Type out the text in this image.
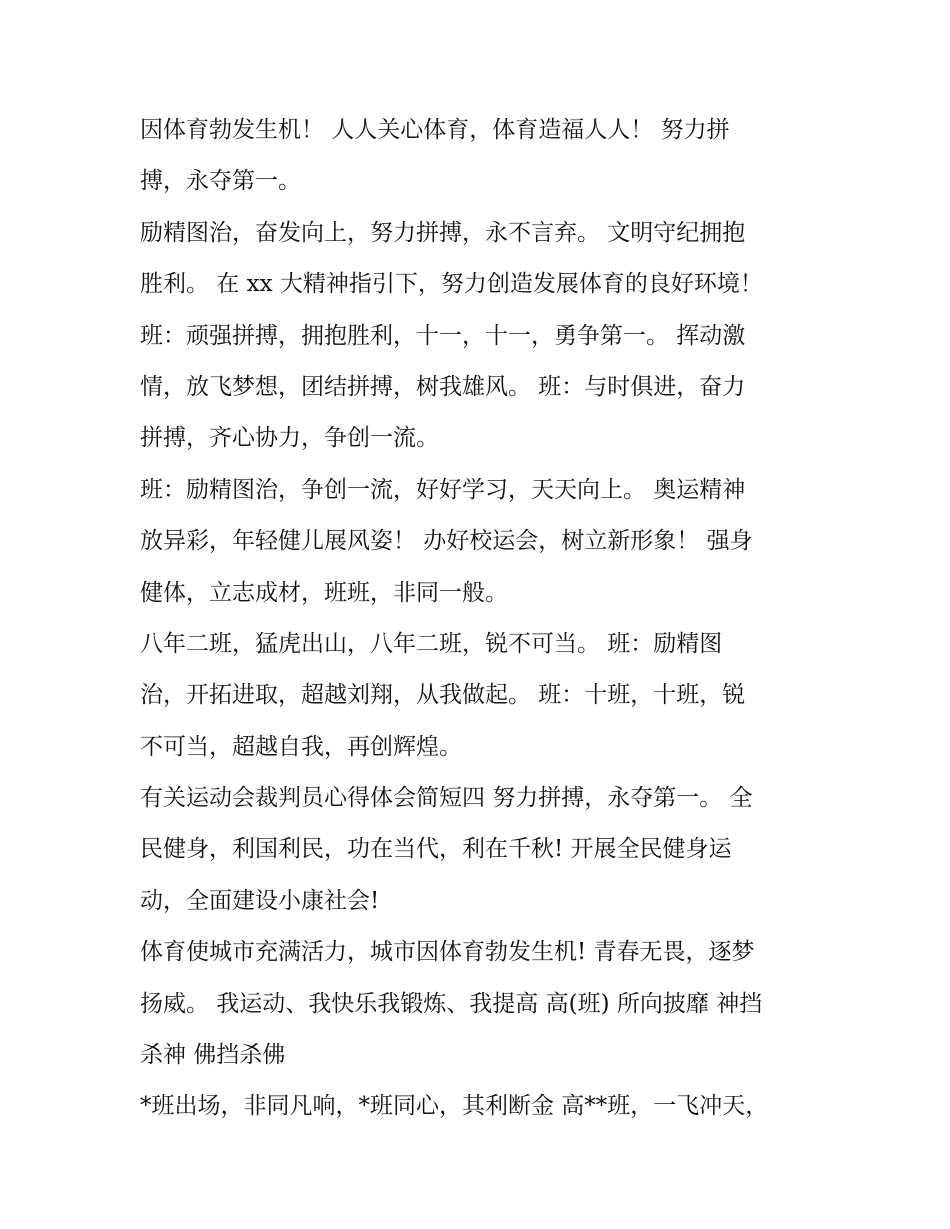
因体育勃发生机！ 人人关心体育，体育造福人人！ 努力拼
搏，永夺第一。
励精图治，奋发向上，努力拼搏，永不言弃。 文明守纪拥抱
胜利。 在 xx 大精神指引下，努力创造发展体育的良好环境！
班：顽强拼搏，拥抱胜利，十一，十一，勇争第一。 挥动激
情，放飞梦想，团结拼搏，树我雄风。 班：与时俱进，奋力
拼搏，齐心协力，争创一流。
班：励精图治，争创一流，好好学习，天天向上。 奥运精神
放异彩，年轻健儿展风姿！ 办好校运会，树立新形象！ 强身
健体，立志成材，班班，非同一般。
八年二班，猛虎出山，八年二班，锐不可当。 班：励精图
治，开拓进取，超越刘翔，从我做起。 班：十班，十班，锐
不可当，超越自我，再创辉煌。
有关运动会裁判员心得体会简短四 努力拼搏，永夺第一。 全
民健身，利国利民，功在当代，利在千秋! 开展全民健身运
动，全面建设小康社会!
体育使城市充满活力，城市因体育勃发生机! 青春无畏，逐梦
扬威。 我运动、我快乐我锻炼、我提高 高(班) 所向披靡 神挡
杀神 佛挡杀佛
*班出场，非同凡响，*班同心，其利断金 高**班，一飞冲天，
